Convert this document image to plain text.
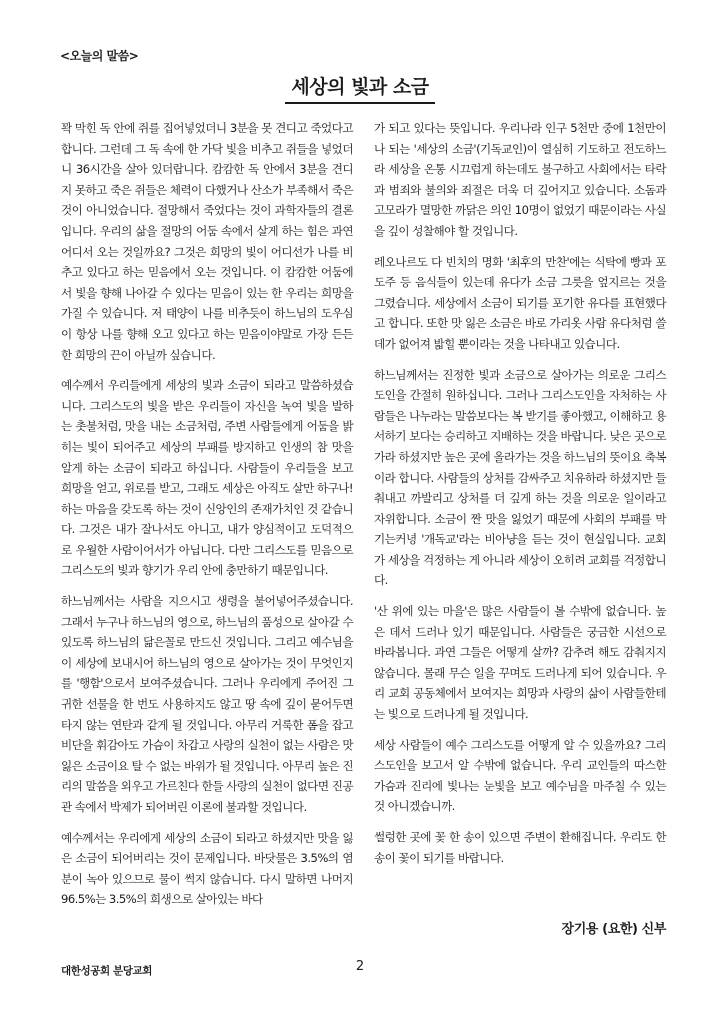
<오늘의 말씀>
세상의 빛과 소금

꽉 막힌 독 안에 쥐를 집어넣었더니 3분을 못 견디고 죽었다고 합니다. 그런데 그 독 속에 한 가닥 빛을 비추고 쥐들을 넣었더니 36시간을 살아 있더랍니다. 캄캄한 독 안에서 3분을 견디지 못하고 죽은 쥐들은 체력이 다했거나 산소가 부족해서 죽은 것이 아니었습니다. 절망해서 죽었다는 것이 과학자들의 결론입니다. 우리의 삶을 절망의 어둠 속에서 살게 하는 힘은 과연 어디서 오는 것일까요? 그것은 희망의 빛이 어디선가 나를 비추고 있다고 하는 믿음에서 오는 것입니다. 이 캄캄한 어둠에서 빛을 향해 나아갈 수 있다는 믿음이 있는 한 우리는 희망을 가질 수 있습니다. 저 태양이 나를 비추듯이 하느님의 도우심이 항상 나를 향해 오고 있다고 하는 믿음이야말로 가장 든든한 희망의 끈이 아닐까 싶습니다.

예수께서 우리들에게 세상의 빛과 소금이 되라고 말씀하셨습니다. 그리스도의 빛을 받은 우리들이 자신을 녹여 빛을 발하는 촛불처럼, 맛을 내는 소금처럼, 주변 사람들에게 어둠을 밝히는 빛이 되어주고 세상의 부패를 방지하고 인생의 참 맛을 알게 하는 소금이 되라고 하십니다. 사람들이 우리들을 보고 희망을 얻고, 위로를 받고, 그래도 세상은 아직도 살만 하구나! 하는 마음을 갖도록 하는 것이 신앙인의 존재가치인 것 같습니다. 그것은 내가 잘나서도 아니고, 내가 양심적이고 도덕적으로 우월한 사람이어서가 아닙니다. 다만 그리스도를 믿음으로 그리스도의 빛과 향기가 우리 안에 충만하기 때문입니다.

하느님께서는 사람을 지으시고 생령을 불어넣어주셨습니다. 그래서 누구나 하느님의 영으로, 하느님의 품성으로 살아갈 수 있도록 하느님의 닮은꼴로 만드신 것입니다. 그리고 예수님을 이 세상에 보내시어 하느님의 영으로 살아가는 것이 무엇인지를 '행함'으로서 보여주셨습니다. 그러나 우리에게 주어진 그 귀한 선물을 한 번도 사용하지도 않고 땅 속에 깊이 묻어두면 타지 않는 연탄과 같게 될 것입니다. 아무리 거룩한 폼을 잡고 비단을 휘감아도 가슴이 차갑고 사랑의 실천이 없는 사람은 맛 잃은 소금이요 탈 수 없는 바위가 될 것입니다. 아무리 높은 진리의 말씀을 외우고 가르친다 한들 사랑의 실천이 없다면 진공관 속에서 박제가 되어버린 이론에 불과할 것입니다.

예수께서는 우리에게 세상의 소금이 되라고 하셨지만 맛을 잃은 소금이 되어버리는 것이 문제입니다. 바닷물은 3.5%의 염분이 녹아 있으므로 물이 썩지 않습니다. 다시 말하면 나머지 96.5%는 3.5%의 희생으로 살아있는 바다

가 되고 있다는 뜻입니다. 우리나라 인구 5천만 중에 1천만이나 되는 '세상의 소금'(기독교인)이 열심히 기도하고 전도하느라 세상을 온통 시끄럽게 하는데도 불구하고 사회에서는 타락과 범죄와 불의와 죄절은 더욱 더 깊어지고 있습니다. 소돔과 고모라가 멸망한 까닭은 의인 10명이 없었기 때문이라는 사실을 깊이 성찰해야 할 것입니다.

레오나르도 다 빈치의 명화 '최후의 만찬'에는 식탁에 빵과 포도주 등 음식들이 있는데 유다가 소금 그릇을 엎지르는 것을 그렸습니다. 세상에서 소금이 되기를 포기한 유다를 표현했다고 합니다. 또한 맛 잃은 소금은 바로 가리옷 사람 유다처럼 쓸데가 없어져 밟힐 뿐이라는 것을 나타내고 있습니다.

하느님께서는 진정한 빛과 소금으로 살아가는 의로운 그리스도인을 간절히 원하십니다. 그러나 그리스도인을 자처하는 사람들은 나누라는 말씀보다는 복 받기를 좋아했고, 이해하고 용서하기 보다는 승리하고 지배하는 것을 바랍니다. 낮은 곳으로 가라 하셨지만 높은 곳에 올라가는 것을 하느님의 뜻이요 축복이라 합니다. 사람들의 상처를 감싸주고 치유하라 하셨지만 들춰내고 까발리고 상처를 더 깊게 하는 것을 의로운 일이라고 자위합니다. 소금이 짠 맛을 잃었기 때문에 사회의 부패를 막기는커녕 '개독교'라는 비아냥을 듣는 것이 현실입니다. 교회가 세상을 걱정하는 게 아니라 세상이 오히려 교회를 걱정합니다.

'산 위에 있는 마을'은 많은 사람들이 볼 수밖에 없습니다. 높은 데서 드러나 있기 때문입니다. 사람들은 궁금한 시선으로 바라봅니다. 과연 그들은 어떻게 살까? 감추려 해도 감춰지지 않습니다. 몰래 무슨 일을 꾸며도 드러나게 되어 있습니다. 우리 교회 공동체에서 보여지는 희망과 사랑의 삶이 사람들한테는 빛으로 드러나게 될 것입니다.

세상 사람들이 예수 그리스도를 어떻게 알 수 있을까요? 그리스도인을 보고서 알 수밖에 없습니다. 우리 교인들의 따스한 가슴과 진리에 빛나는 눈빛을 보고 예수님을 마주칠 수 있는 것 아니겠습니까.

썰렁한 곳에 꽃 한 송이 있으면 주변이 환해집니다. 우리도 한 송이 꽃이 되기를 바랍니다.

장기용 (요한) 신부
대한성공회 분당교회	2
